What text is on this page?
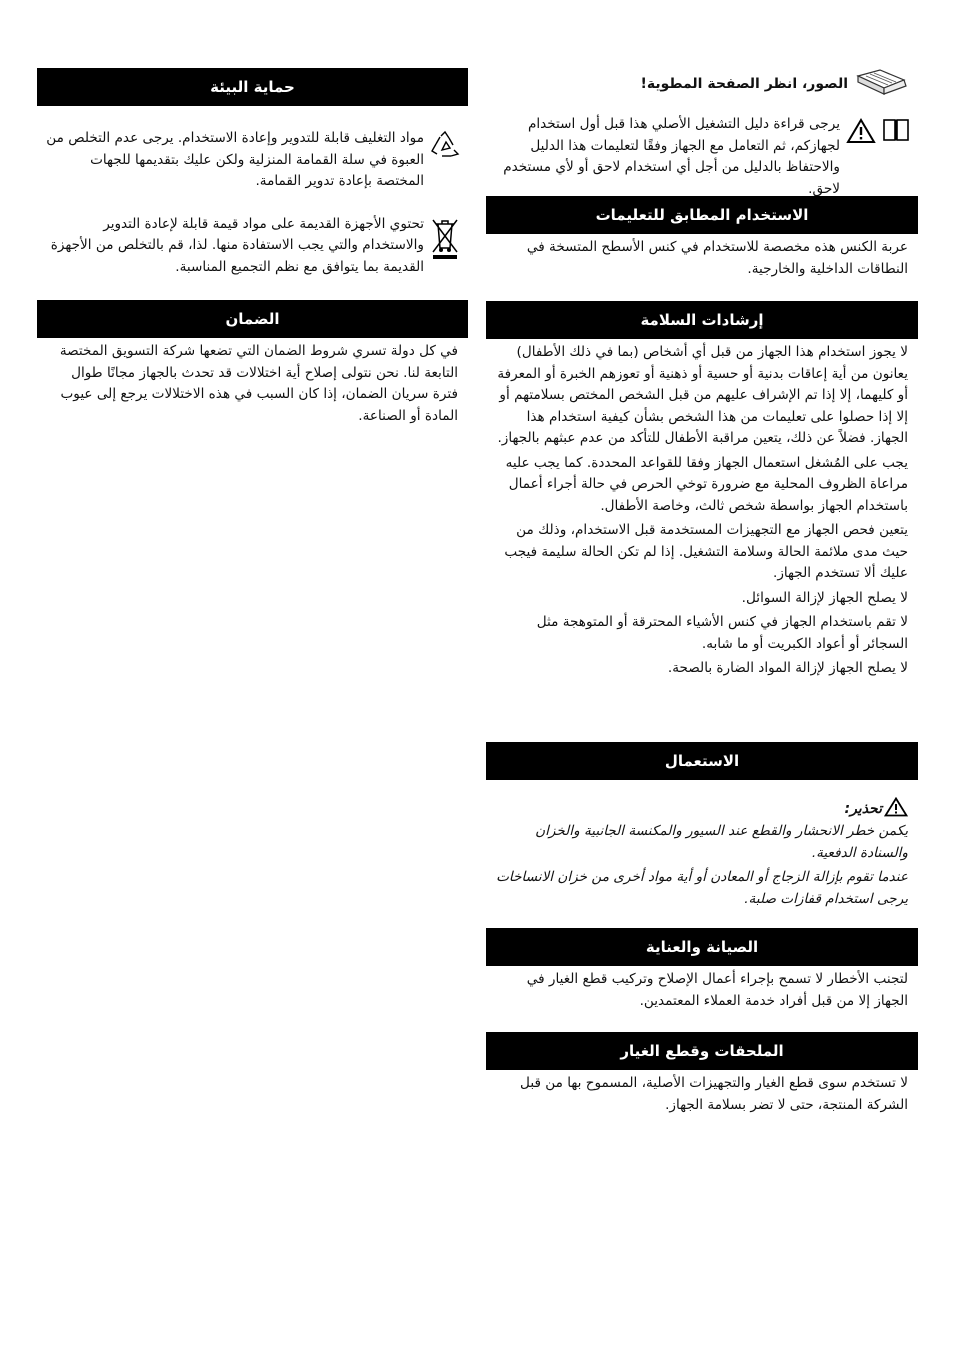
الصور، انظر الصفحة المطوية!

يرجى قراءة دليل التشغيل الأصلي هذا قبل أول استخدام لجهازكم، ثم التعامل مع الجهاز وفقًا لتعليمات هذا الدليل والاحتفاظ بالدليل من أجل أي استخدام لاحق أو لأي مستخدم لاحق.

الاستخدام المطابق للتعليمات

عربة الكنس هذه مخصصة للاستخدام في كنس الأسطح المتسخة في النطاقات الداخلية والخارجية.

إرشادات السلامة

لا يجوز استخدام هذا الجهاز من قبل أي أشخاص (بما في ذلك الأطفال) يعانون من أية إعاقات بدنية أو حسية أو ذهنية أو تعوزهم الخبرة أو المعرفة أو كليهما، إلا إذا تم الإشراف عليهم من قبل الشخص المختص بسلامتهم أو إلا إذا حصلوا على تعليمات من هذا الشخص بشأن كيفية استخدام هذا الجهاز. فضلاً عن ذلك، يتعين مراقبة الأطفال للتأكد من عدم عبثهم بالجهاز.

يجب على المُشغل استعمال الجهاز وفقا للقواعد المحددة. كما يجب عليه مراعاة الظروف المحلية مع ضرورة توخي الحرص في حالة أجراء أعمال باستخدام الجهاز بواسطة شخص ثالث، وخاصة الأطفال.

يتعين فحص الجهاز مع التجهيزات المستخدمة قبل الاستخدام، وذلك من حيث مدى ملائمة الحالة وسلامة التشغيل. إذا لم تكن الحالة سليمة فيجب عليك ألا تستخدم الجهاز.

لا يصلح الجهاز لإزالة السوائل.

لا تقم باستخدام الجهاز في كنس الأشياء المحترقة أو المتوهجة مثل السجائر أو أعواد الكبريت أو ما شابه.

لا يصلح الجهاز لإزالة المواد الضارة بالصحة.

الاستعمال
تحذير:

يكمن خطر الانحشار والقطع عند السيور والمكنسة الجانبية والخزان والسنادة الدفعية.

عندما تقوم بإزالة الزجاج أو المعادن أو أية مواد أخرى من خزان الانساخات يرجى استخدام قفازات صلبة.

الصيانة والعناية

لتجنب الأخطار لا تسمح بإجراء أعمال الإصلاح وتركيب قطع الغيار في الجهاز إلا من قبل أفراد خدمة العملاء المعتمدين.

الملحقات وقطع الغيار

لا تستخدم سوى قطع الغيار والتجهيزات الأصلية، المسموح بها من قبل الشركة المنتجة، حتى لا تضر بسلامة الجهاز.

حماية البيئة

مواد التغليف قابلة للتدوير وإعادة الاستخدام. يرجى عدم التخلص من العبوة في سلة القمامة المنزلية ولكن عليك بتقديمها للجهات المختصة بإعادة تدوير القمامة.

تحتوي الأجهزة القديمة على مواد قيمة قابلة لإعادة التدوير والاستخدام والتي يجب الاستفادة منها. لذا، قم بالتخلص من الأجهزة القديمة بما يتوافق مع نظم التجميع المناسبة.

الضمان

في كل دولة تسري شروط الضمان التي تضعها شركة التسويق المختصة التابعة لنا. نحن نتولى إصلاح أية اختلالات قد تحدث بالجهاز مجانًا طوال فترة سريان الضمان، إذا كان السبب في هذه الاختلالات يرجع إلى عيوب المادة أو الصناعة.
